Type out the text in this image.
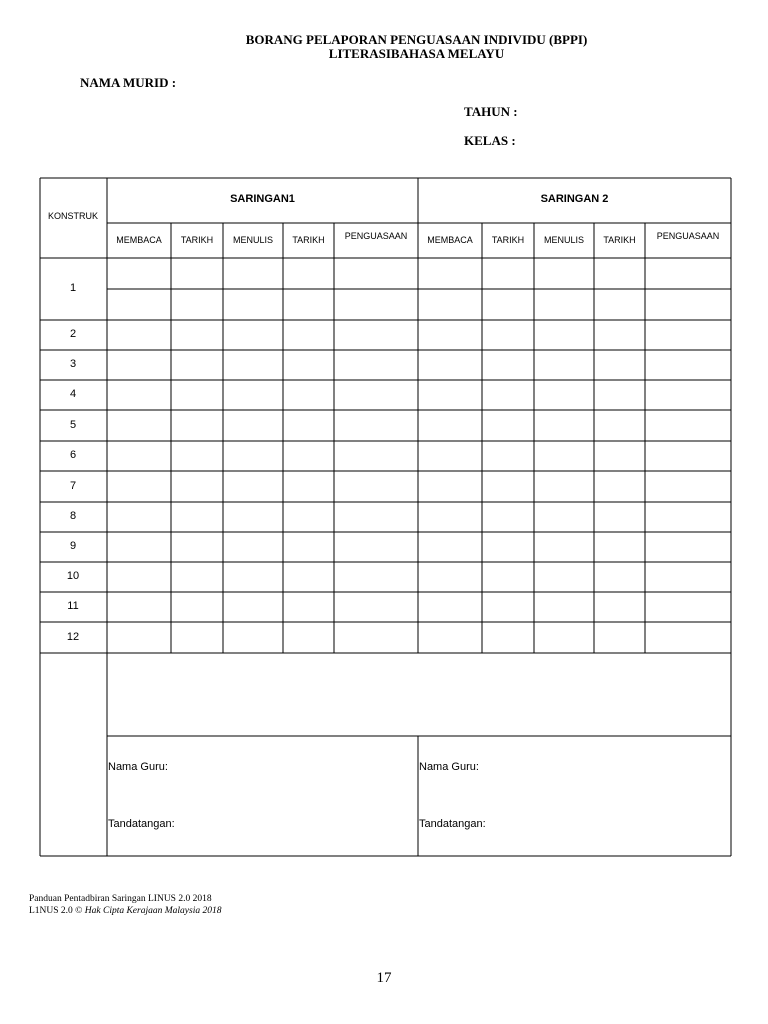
BORANG PELAPORAN PENGUASAAN INDIVIDU (BPPI)
LITERASIBAHASA MELAYU
NAMA MURID :
TAHUN :
KELAS :
KONSTRUK
SARINGAN1	SARINGAN 2
MEMBACA	TARIKH	MENULIS	TARIKH	PENGUASAAN	MEMBACA	TARIKH	MENULIS	TARIKH	PENGUASAAN
1
2
3
4
5
6
7
8
9
10
11
12
Nama Guru:	Nama Guru:
Tandatangan:	Tandatangan:
Panduan Pentadbiran Saringan LINUS 2.0 2018
L1NUS 2.0 © Hak Cipta Kerajaan Malaysia 2018
17
